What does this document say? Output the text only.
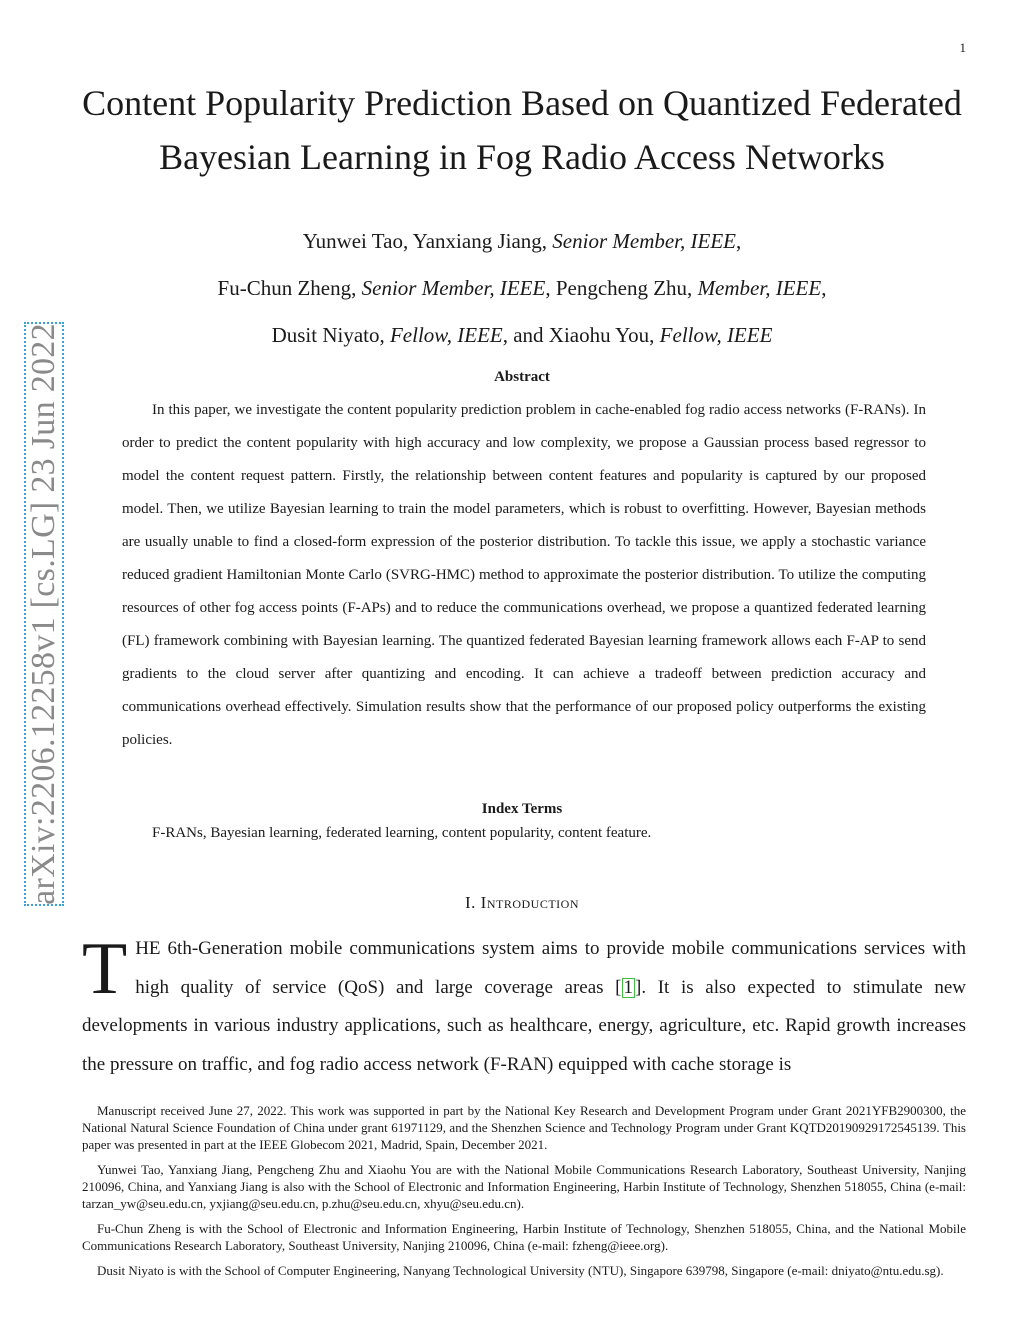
1
arXiv:2206.12258v1 [cs.LG] 23 Jun 2022
Content Popularity Prediction Based on Quantized Federated Bayesian Learning in Fog Radio Access Networks

Yunwei Tao, Yanxiang Jiang, Senior Member, IEEE,

Fu-Chun Zheng, Senior Member, IEEE, Pengcheng Zhu, Member, IEEE,

Dusit Niyato, Fellow, IEEE, and Xiaohu You, Fellow, IEEE

Abstract

In this paper, we investigate the content popularity prediction problem in cache-enabled fog radio access networks (F-RANs). In order to predict the content popularity with high accuracy and low complexity, we propose a Gaussian process based regressor to model the content request pattern. Firstly, the relationship between content features and popularity is captured by our proposed model. Then, we utilize Bayesian learning to train the model parameters, which is robust to overfitting. However, Bayesian methods are usually unable to find a closed-form expression of the posterior distribution. To tackle this issue, we apply a stochastic variance reduced gradient Hamiltonian Monte Carlo (SVRG-HMC) method to approximate the posterior distribution. To utilize the computing resources of other fog access points (F-APs) and to reduce the communications overhead, we propose a quantized federated learning (FL) framework combining with Bayesian learning. The quantized federated Bayesian learning framework allows each F-AP to send gradients to the cloud server after quantizing and encoding. It can achieve a tradeoff between prediction accuracy and communications overhead effectively. Simulation results show that the performance of our proposed policy outperforms the existing policies.

Index Terms

F-RANs, Bayesian learning, federated learning, content popularity, content feature.

I. Introduction

THE 6th-Generation mobile communications system aims to provide mobile communications services with high quality of service (QoS) and large coverage areas [ 1 ]. It is also expected to stimulate new developments in various industry applications, such as healthcare, energy, agriculture, etc. Rapid growth increases the pressure on traffic, and fog radio access network (F-RAN) equipped with cache storage is

Manuscript received June 27, 2022. This work was supported in part by the National Key Research and Development Program under Grant 2021YFB2900300, the National Natural Science Foundation of China under grant 61971129, and the Shenzhen Science and Technology Program under Grant KQTD20190929172545139. This paper was presented in part at the IEEE Globecom 2021, Madrid, Spain, December 2021.

Yunwei Tao, Yanxiang Jiang, Pengcheng Zhu and Xiaohu You are with the National Mobile Communications Research Laboratory, Southeast University, Nanjing 210096, China, and Yanxiang Jiang is also with the School of Electronic and Information Engineering, Harbin Institute of Technology, Shenzhen 518055, China (e-mail: tarzan_yw@seu.edu.cn, yxjiang@seu.edu.cn, p.zhu@seu.edu.cn, xhyu@seu.edu.cn).

Fu-Chun Zheng is with the School of Electronic and Information Engineering, Harbin Institute of Technology, Shenzhen 518055, China, and the National Mobile Communications Research Laboratory, Southeast University, Nanjing 210096, China (e-mail: fzheng@ieee.org).

Dusit Niyato is with the School of Computer Engineering, Nanyang Technological University (NTU), Singapore 639798, Singapore (e-mail: dniyato@ntu.edu.sg).
